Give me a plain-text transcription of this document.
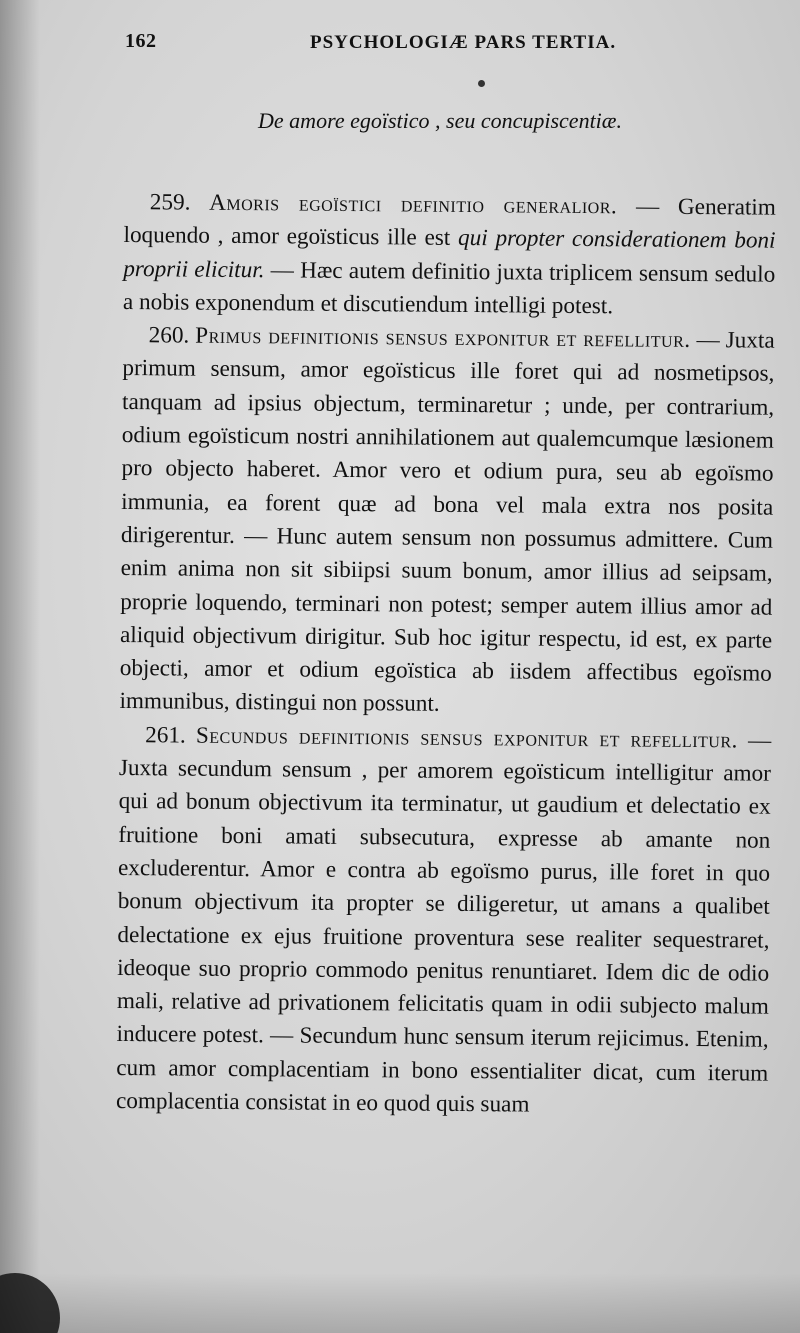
162	PSYCHOLOGIÆ PARS TERTIA.
De amore egoïstico , seu concupiscentiæ.

259. Amoris egoïstici definitio generalior. — Generatim loquendo , amor egoïsticus ille est qui propter considerationem boni proprii elicitur. — Hæc autem definitio juxta triplicem sensum sedulo a nobis exponendum et discutiendum intelligi potest.

260. Primus definitionis sensus exponitur et refellitur. — Juxta primum sensum, amor egoïsticus ille foret qui ad nosmetipsos, tanquam ad ipsius objectum, terminaretur ; unde, per contrarium, odium egoïsticum nostri annihilationem aut qualemcumque læsionem pro objecto haberet. Amor vero et odium pura, seu ab egoïsmo immunia, ea forent quæ ad bona vel mala extra nos posita dirigerentur. — Hunc autem sensum non possumus admittere. Cum enim anima non sit sibiipsi suum bonum, amor illius ad seipsam, proprie loquendo, terminari non potest; semper autem illius amor ad aliquid objectivum dirigitur. Sub hoc igitur respectu, id est, ex parte objecti, amor et odium egoïstica ab iisdem affectibus egoïsmo immunibus, distingui non possunt.

261. Secundus definitionis sensus exponitur et refellitur. — Juxta secundum sensum , per amorem egoïsticum intelligitur amor qui ad bonum objectivum ita terminatur, ut gaudium et delectatio ex fruitione boni amati subsecutura, expresse ab amante non excluderentur. Amor e contra ab egoïsmo purus, ille foret in quo bonum objectivum ita propter se diligeretur, ut amans a qualibet delectatione ex ejus fruitione proventura sese realiter sequestraret, ideoque suo proprio commodo penitus renuntiaret. Idem dic de odio mali, relative ad privationem felicitatis quam in odii subjecto malum inducere potest. — Secundum hunc sensum iterum rejicimus. Etenim, cum amor complacentiam in bono essentialiter dicat, cum iterum complacentia consistat in eo quod quis suam
